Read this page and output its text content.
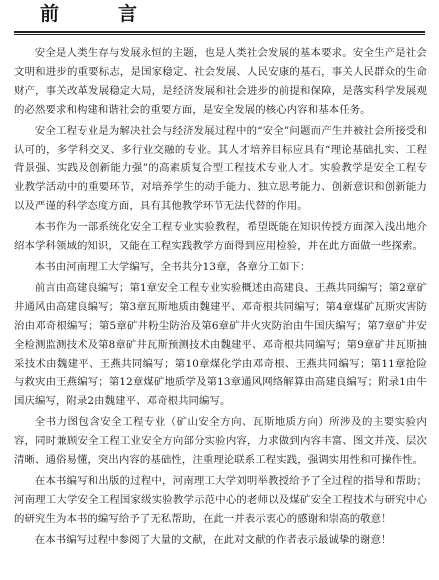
前　言

安全是人类生存与发展永恒的主题，也是人类社会发展的基本要求。安全生产是社会文明和进步的重要标志，是国家稳定、社会发展、人民安康的基石，事关人民群众的生命财产，事关改革发展稳定大局，是经济发展和社会进步的前提和保障，是落实科学发展观的必然要求和构建和谐社会的重要方面，是安全发展的核心内容和基本任务。

安全工程专业是为解决社会与经济发展过程中的“安全”问题而产生并被社会所接受和认可的，多学科交叉、多行业交融的专业。其人才培养目标应具有“理论基础扎实、工程背景强、实践及创新能力强”的高素质复合型工程技术专业人才。实验教学是安全工程专业教学活动中的重要环节，对培养学生的动手能力、独立思考能力、创新意识和创新能力以及严谨的科学态度方面，具有其他教学环节无法代替的作用。

本书作为一部系统化安全工程专业实验教程，希望既能在知识传授方面深入浅出地介绍本学科领域的知识，又能在工程实践教学方面得到应用检验，并在此方面做一些探索。

本书由河南理工大学编写，全书共分13章，各章分工如下：

前言由高建良编写；第1章安全工程专业实验概述由高建良、王燕共同编写；第2章矿井通风由高建良编写；第3章瓦斯地质由魏建平、邓奇根共同编写；第4章煤矿瓦斯灾害防治由邓奇根编写；第5章矿井粉尘防治及第6章矿井火灾防治由牛国庆编写；第7章矿井安全检测监测技术及第8章矿井瓦斯预测技术由魏建平、邓奇根共同编写；第9章矿井瓦斯抽采技术由魏建平、王燕共同编写；第10章煤化学由邓奇根、王燕共同编写；第11章抢险与救灾由王燕编写；第12章煤矿地质学及第13章通风网络解算由高建良编写；附录1由牛国庆编写，附录2由魏建平、邓奇根共同编写。

全书力图包含安全工程专业（矿山安全方向、瓦斯地质方向）所涉及的主要实验内容，同时兼顾安全工程工业安全方向部分实验内容，力求做到内容丰富、图文并茂、层次清晰、通俗易懂，突出内容的基础性，注重理论联系工程实践，强调实用性和可操作性。

在本书编写和出版的过程中，河南理工大学刘明举教授给予了全过程的指导和帮助；河南理工大学安全工程国家级实验教学示范中心的老师以及煤矿安全工程技术与研究中心的研究生为本书的编写给予了无私帮助，在此一并表示衷心的感谢和崇高的敬意！

在本书编写过程中参阅了大量的文献，在此对文献的作者表示最诚挚的谢意！
